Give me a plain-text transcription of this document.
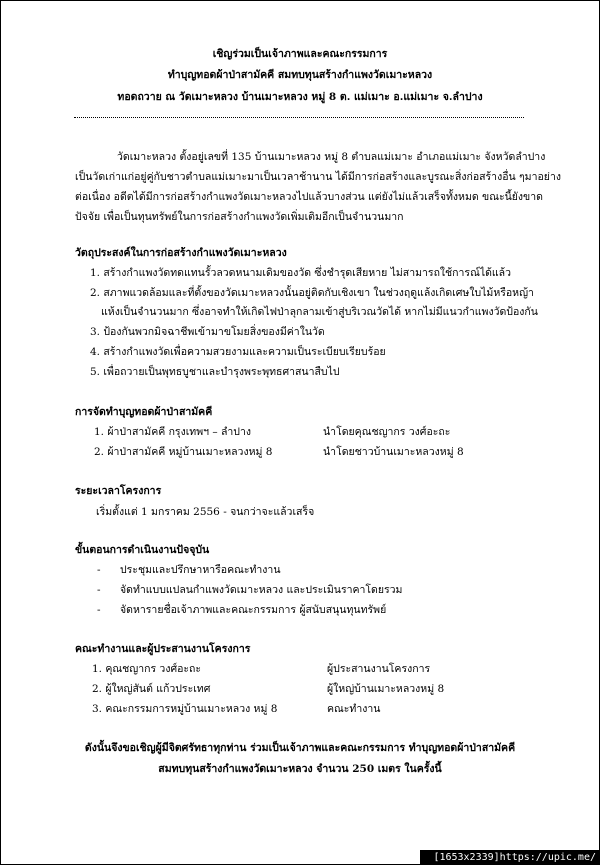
เชิญร่วมเป็นเจ้าภาพและคณะกรรมการ
ทำบุญทอดผ้าป่าสามัคคี สมทบทุนสร้างกำแพงวัดเมาะหลวง
ทอดถวาย ณ วัดเมาะหลวง บ้านเมาะหลวง หมู่ 8 ต. แม่เมาะ อ.แม่เมาะ จ.ลำปาง
วัดเมาะหลวง ตั้งอยู่เลขที่ 135 บ้านเมาะหลวง หมู่ 8 ตำบลแม่เมาะ อำเภอแม่เมาะ จังหวัดลำปาง
เป็นวัดเก่าแก่อยู่คู่กับชาวตำบลแม่เมาะมาเป็นเวลาช้านาน ได้มีการก่อสร้างและบูรณะสิ่งก่อสร้างอื่น ๆมาอย่าง
ต่อเนื่อง อดีตได้มีการก่อสร้างกำแพงวัดเมาะหลวงไปแล้วบางส่วน แต่ยังไม่แล้วเสร็จทั้งหมด ขณะนี้ยังขาด
ปัจจัย เพื่อเป็นทุนทรัพย์ในการก่อสร้างกำแพงวัดเพิ่มเติมอีกเป็นจำนวนมาก
วัตถุประสงค์ในการก่อสร้างกำแพงวัดเมาะหลวง
1. สร้างกำแพงวัดทดแทนรั้วลวดหนามเดิมของวัด ซึ่งชำรุดเสียหาย ไม่สามารถใช้การณ์ได้แล้ว
2. สภาพแวดล้อมและที่ตั้งของวัดเมาะหลวงนั้นอยู่ติดกับเชิงเขา ในช่วงฤดูแล้งเกิดเศษใบไม้หรือหญ้า
แห้งเป็นจำนวนมาก ซึ่งอาจทำให้เกิดไฟป่าลุกลามเข้าสู่บริเวณวัดได้ หากไม่มีแนวกำแพงวัดป้องกัน
3. ป้องกันพวกมิจฉาชีพเข้ามาขโมยสิ่งของมีค่าในวัด
4. สร้างกำแพงวัดเพื่อความสวยงามและความเป็นระเบียบเรียบร้อย
5. เพื่อถวายเป็นพุทธบูชาและบำรุงพระพุทธศาสนาสืบไป
การจัดทำบุญทอดผ้าป่าสามัคคี
1. ผ้าป่าสามัคคี กรุงเทพฯ – ลำปาง	นำโดยคุณชญากร วงศ์อะถะ
2. ผ้าป่าสามัคคี หมู่บ้านเมาะหลวงหมู่ 8	นำโดยชาวบ้านเมาะหลวงหมู่ 8
ระยะเวลาโครงการ
เริ่มตั้งแต่ 1 มกราคม 2556 - จนกว่าจะแล้วเสร็จ
ขั้นตอนการดำเนินงานปัจจุบัน
- ประชุมและปรึกษาหารือคณะทำงาน
- จัดทำแบบแปลนกำแพงวัดเมาะหลวง และประเมินราคาโดยรวม
- จัดหารายชื่อเจ้าภาพและคณะกรรมการ ผู้สนับสนุนทุนทรัพย์
คณะทำงานและผู้ประสานงานโครงการ
1. คุณชญากร วงศ์อะถะ	ผู้ประสานงานโครงการ
2. ผู้ใหญ่สันต์ แก้วประเทศ	ผู้ใหญ่บ้านเมาะหลวงหมู่ 8
3. คณะกรรมการหมู่บ้านเมาะหลวง หมู่ 8	คณะทำงาน
ดังนั้นจึงขอเชิญผู้มีจิตศรัทธาทุกท่าน ร่วมเป็นเจ้าภาพและคณะกรรมการ ทำบุญทอดผ้าป่าสามัคคี
สมทบทุนสร้างกำแพงวัดเมาะหลวง จำนวน 250 เมตร ในครั้งนี้
[1653x2339]https://upic.me/
